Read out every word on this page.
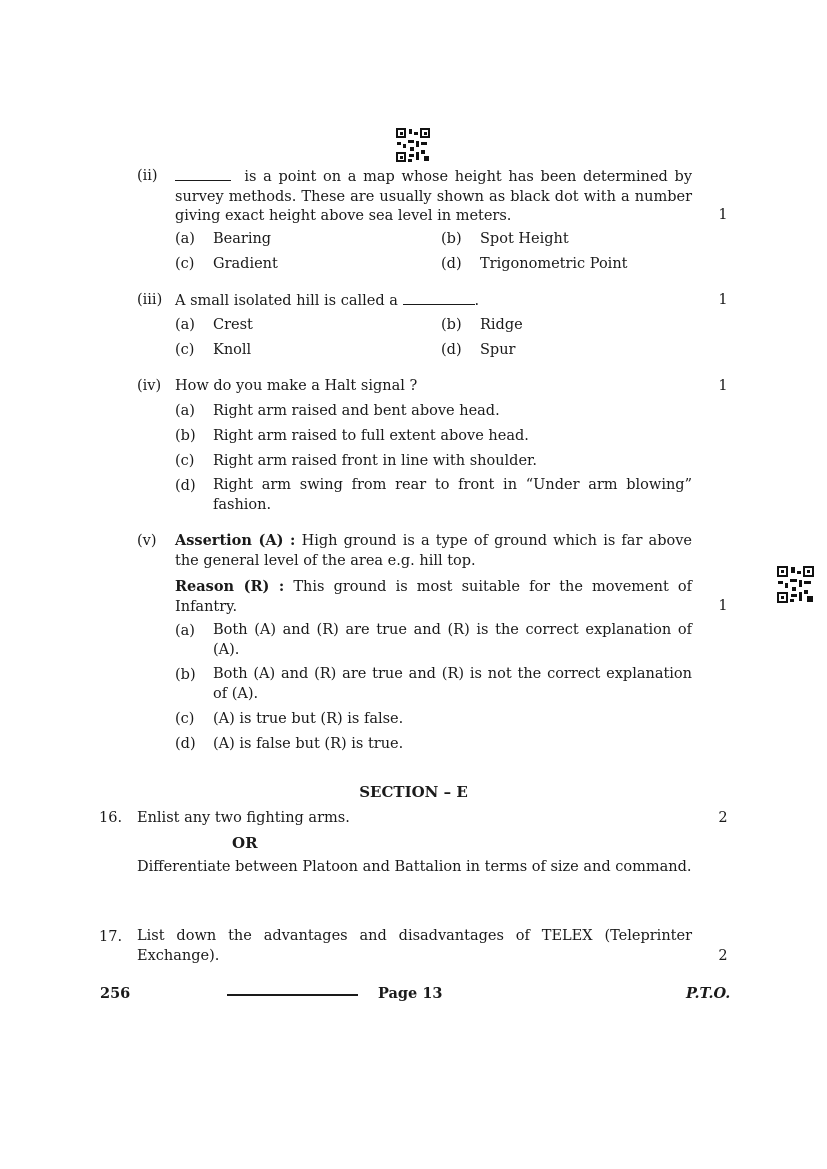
(ii)	is a point on a map whose height has been determined by survey methods. These are usually shown as black dot with a number giving exact height above sea level in meters.	1
(a) Bearing	(b) Spot Height
(c) Gradient	(d) Trigonometric Point
(iii) A small isolated hill is called a	.	1
(a) Crest	(b) Ridge
(c) Knoll	(d) Spur
(iv) How do you make a Halt signal ?	1
(a) Right arm raised and bent above head.
(b) Right arm raised to full extent above head.
(c) Right arm raised front in line with shoulder.
(d) Right arm swing from rear to front in “Under arm blowing” fashion.
(v) Assertion (A) : High ground is a type of ground which is far above the general level of the area e.g. hill top.
Reason (R) : This ground is most suitable for the movement of Infantry.	1
(a) Both (A) and (R) are true and (R) is the correct explanation of (A).
(b) Both (A) and (R) are true and (R) is not the correct explanation of (A).
(c) (A) is true but (R) is false.
(d) (A) is false but (R) is true.
SECTION – E
16. Enlist any two fighting arms.	2
OR
Differentiate between Platoon and Battalion in terms of size and command.
17. List down the advantages and disadvantages of TELEX (Teleprinter Exchange).	2
256	Page 13	P.T.O.
